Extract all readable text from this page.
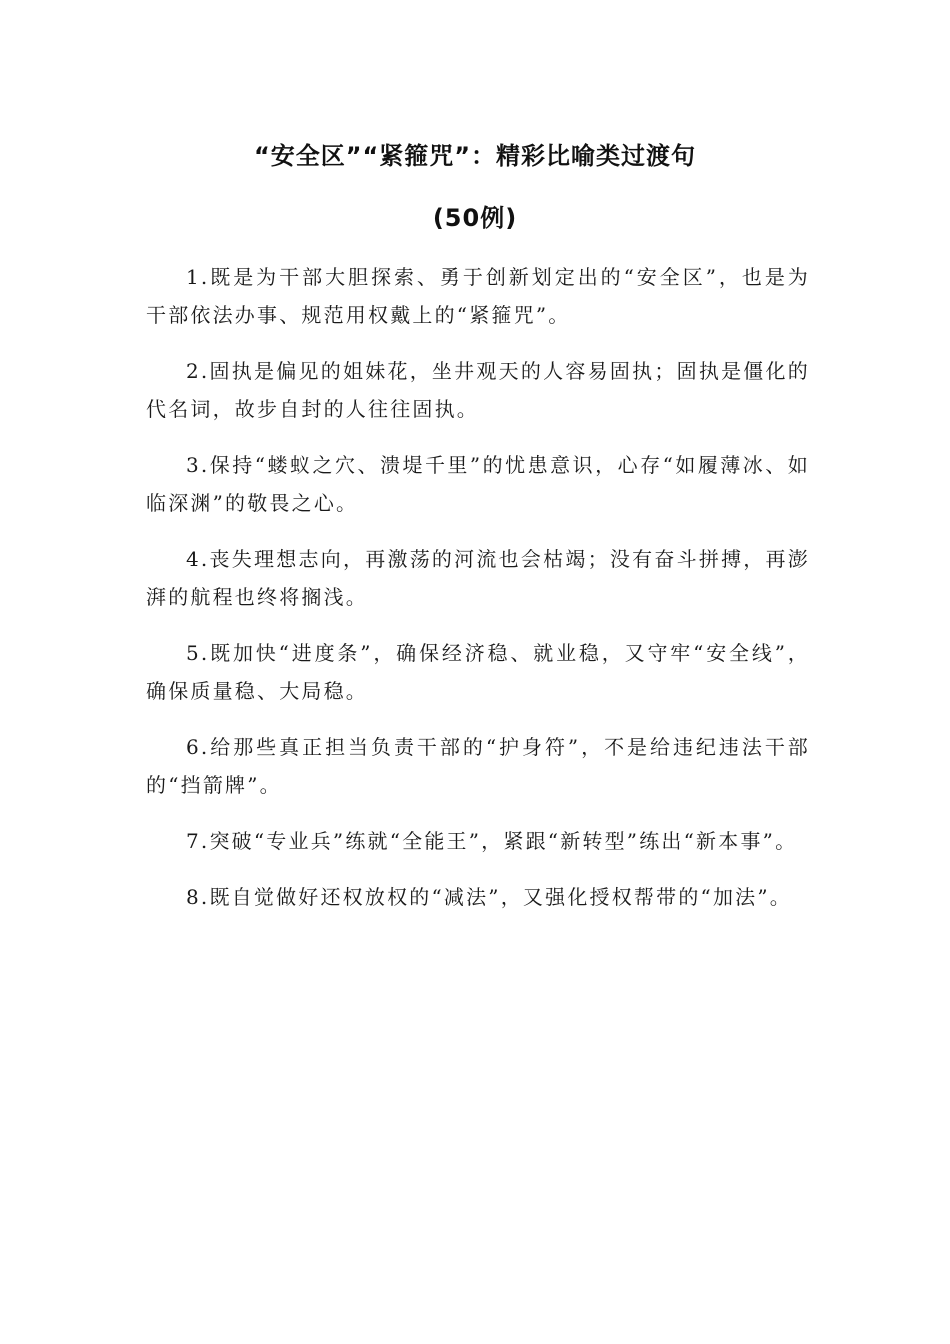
“安全区”“紧箍咒”：精彩比喻类过渡句
(50例)

1.既是为干部大胆探索、勇于创新划定出的“安全区”，也是为干部依法办事、规范用权戴上的“紧箍咒”。

2.固执是偏见的姐妹花，坐井观天的人容易固执；固执是僵化的代名词，故步自封的人往往固执。

3.保持“蝼蚁之穴、溃堤千里”的忧患意识，心存“如履薄冰、如临深渊”的敬畏之心。

4.丧失理想志向，再激荡的河流也会枯竭；没有奋斗拼搏，再澎湃的航程也终将搁浅。

5.既加快“进度条”，确保经济稳、就业稳，又守牢“安全线”，确保质量稳、大局稳。

6.给那些真正担当负责干部的“护身符”，不是给违纪违法干部的“挡箭牌”。

7.突破“专业兵”练就“全能王”，紧跟“新转型”练出“新本事”。

8.既自觉做好还权放权的“减法”，又强化授权帮带的“加法”。
